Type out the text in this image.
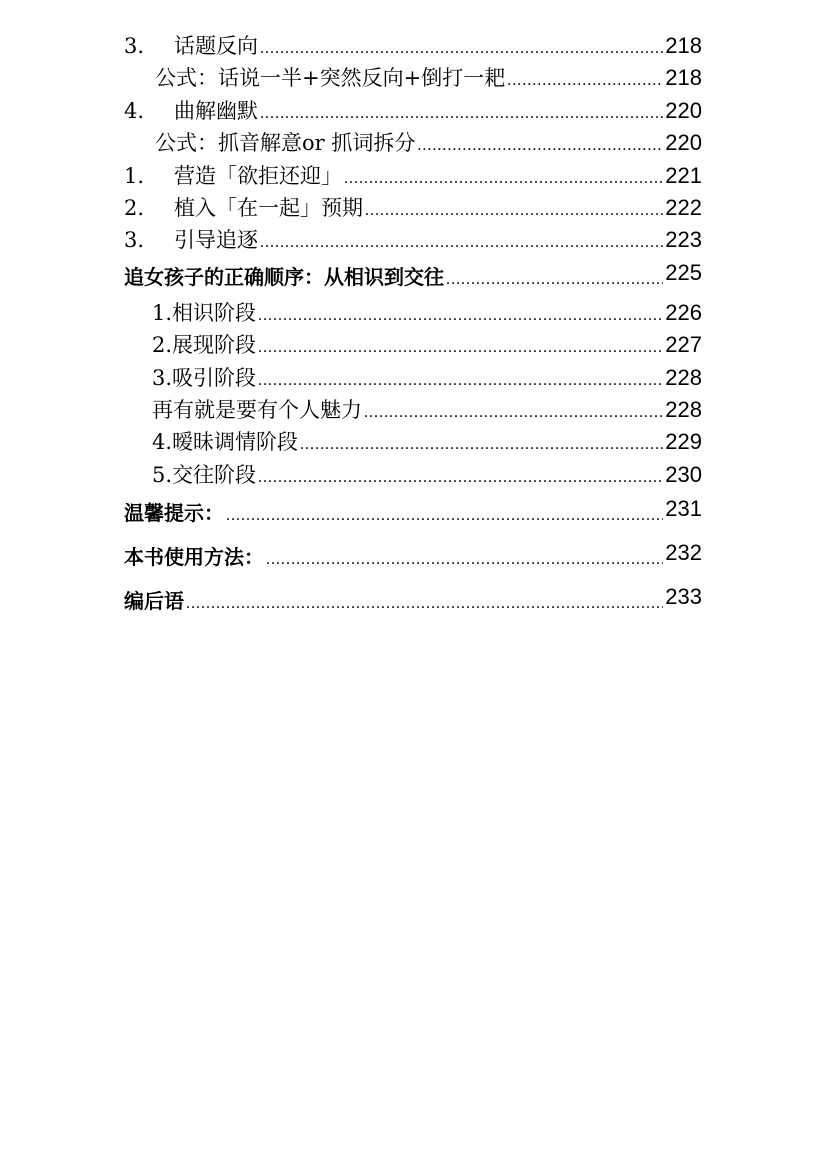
3. 话题反向 .....	218
公式：话说一半+突然反向+倒打一耙 .....	218
4. 曲解幽默 .....	220
公式：抓音解意or 抓词拆分 .....	220
1. 营造「欲拒还迎」 .....	221
2. 植入「在一起」预期 .....	222
3. 引导追逐 .....	223
追女孩子的正确顺序：从相识到交往 .....	225
1.相识阶段 .....	226
2.展现阶段 .....	227
3.吸引阶段 .....	228
再有就是要有个人魅力 .....	228
4.暧昧调情阶段 .....	229
5.交往阶段 .....	230
温馨提示： .....	231
本书使用方法： .....	232
编后语 .....	233
